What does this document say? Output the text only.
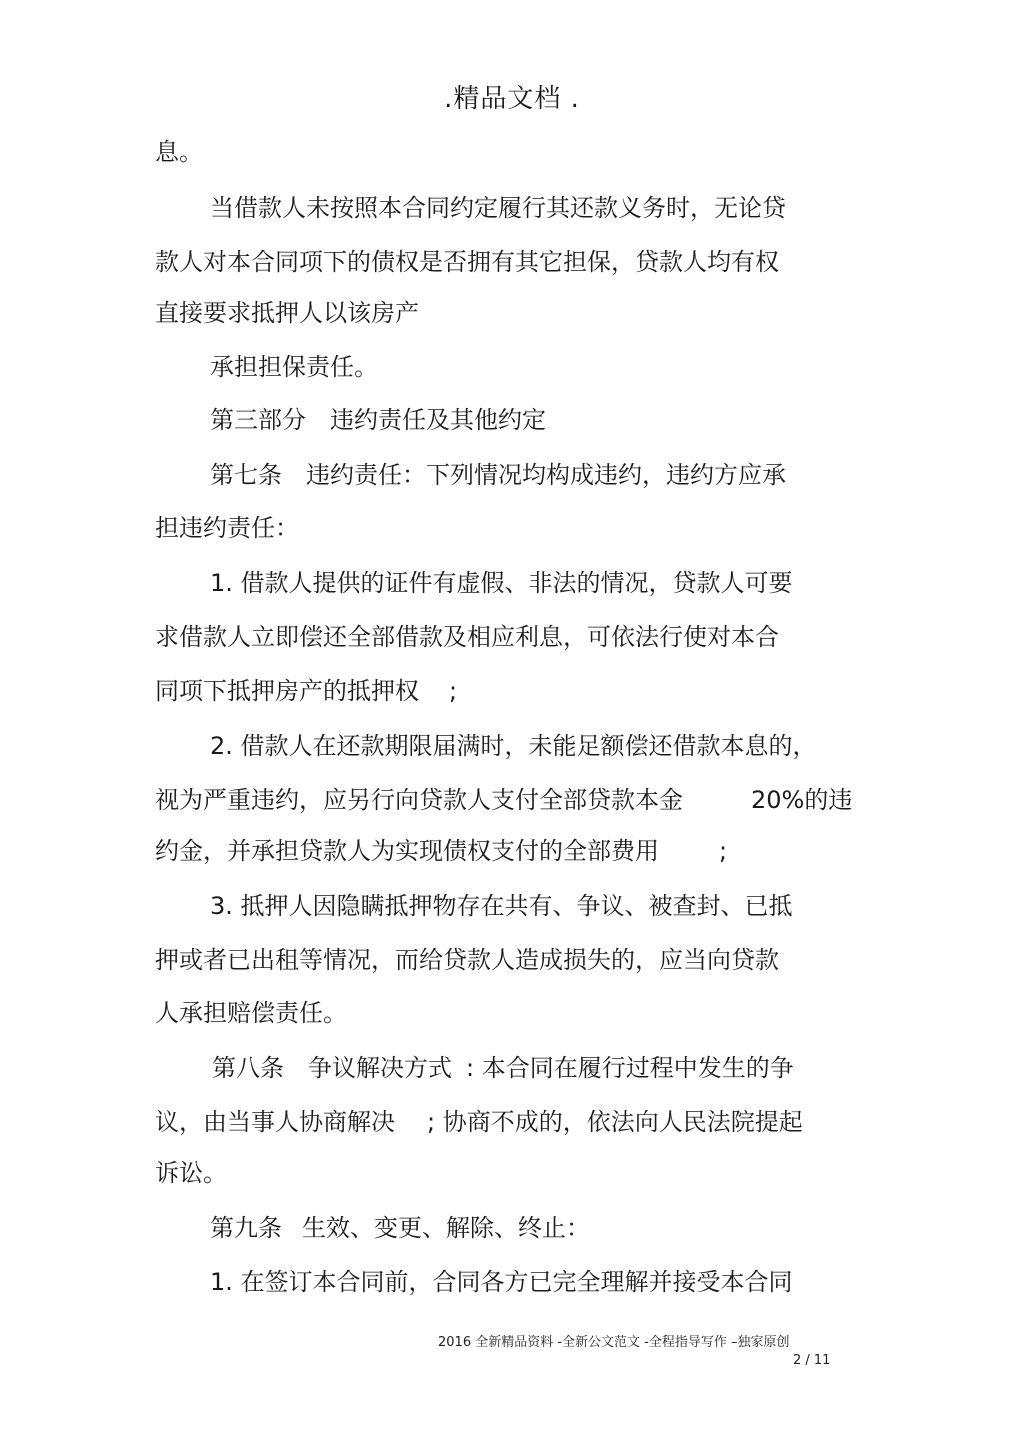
.精品文档 .
息。
当借款人未按照本合同约定履行其还款义务时，无论贷
款人对本合同项下的债权是否拥有其它担保，贷款人均有权
直接要求抵押人以该房产
承担担保责任。
第三部分 违约责任及其他约定
第七条 违约责任：下列情况均构成违约，违约方应承
担违约责任：
1. 借款人提供的证件有虚假、非法的情况，贷款人可要
求借款人立即偿还全部借款及相应利息，可依法行使对本合
同项下抵押房产的抵押权 ;
2. 借款人在还款期限届满时，未能足额偿还借款本息的，
视为严重违约，应另行向贷款人支付全部贷款本金	20%的违
约金，并承担贷款人为实现债权支付的全部费用	;
3. 抵押人因隐瞒抵押物存在共有、争议、被查封、已抵
押或者已出租等情况，而给贷款人造成损失的，应当向贷款
人承担赔偿责任。
第八条 争议解决方式 : 本合同在履行过程中发生的争
议，由当事人协商解决 ; 协商不成的，依法向人民法院提起
诉讼。
第九条 生效、变更、解除、终止：
1. 在签订本合同前，合同各方已完全理解并接受本合同
2016 全新精品资料 -全新公文范文 -全程指导写作 –独家原创
2 / 11
